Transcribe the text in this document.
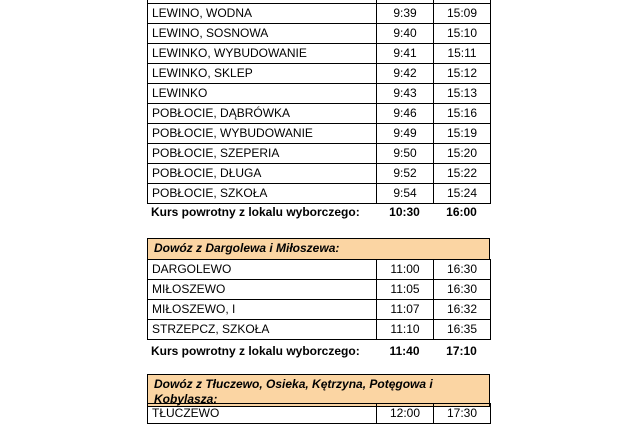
LEWINO, WODNA	9:39	15:09
LEWINO, SOSNOWA	9:40	15:10
LEWINKO, WYBUDOWANIE	9:41	15:11
LEWINKO, SKLEP	9:42	15:12
LEWINKO	9:43	15:13
POBŁOCIE, DĄBRÓWKA	9:46	15:16
POBŁOCIE, WYBUDOWANIE	9:49	15:19
POBŁOCIE, SZEPERIA	9:50	15:20
POBŁOCIE, DŁUGA	9:52	15:22
POBŁOCIE, SZKOŁA	9:54	15:24
Kurs powrotny z lokalu wyborczego:	10:30	16:00
Dowóz z Dargolewa i Miłoszewa:
DARGOLEWO	11:00	16:30
MIŁOSZEWO	11:05	16:30
MIŁOSZEWO, I	11:07	16:32
STRZEPCZ, SZKOŁA	11:10	16:35
Kurs powrotny z lokalu wyborczego:	11:40	17:10
Dowóz z Tłuczewo, Osieka, Kętrzyna, Potęgowa i Kobylasza:
TŁUCZEWO	12:00	17:30
